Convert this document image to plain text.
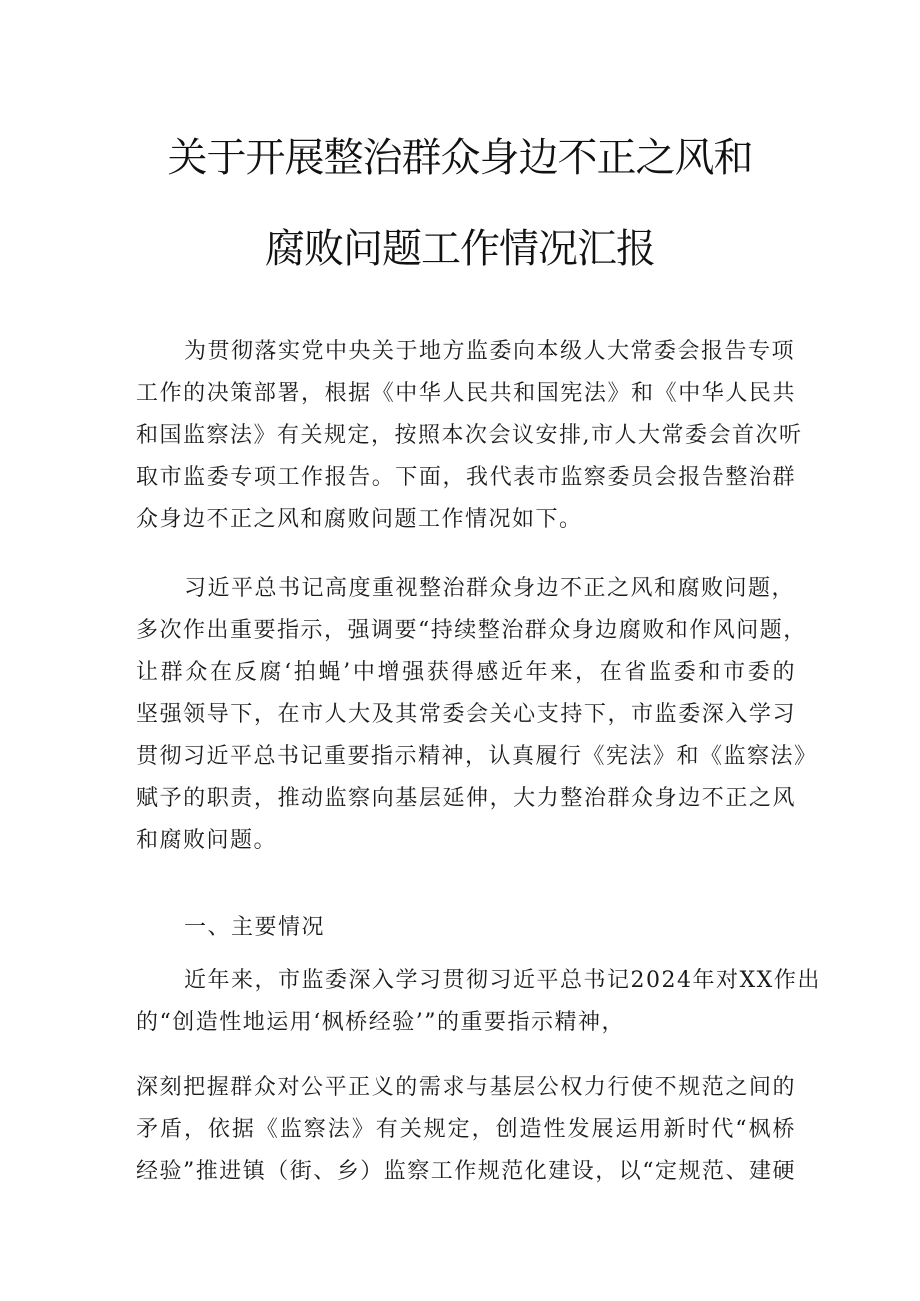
关于开展整治群众身边不正之风和
腐败问题工作情况汇报
为贯彻落实党中央关于地方监委向本级人大常委会报告专项
工作的决策部署，根据《中华人民共和国宪法》和《中华人民共
和国监察法》有关规定，按照本次会议安排,市人大常委会首次听
取市监委专项工作报告。下面，我代表市监察委员会报告整治群
众身边不正之风和腐败问题工作情况如下。
习近平总书记高度重视整治群众身边不正之风和腐败问题，
多次作出重要指示，强调要“持续整治群众身边腐败和作风问题，
让群众在反腐‘拍蝇’中增强获得感近年来，在省监委和市委的
坚强领导下，在市人大及其常委会关心支持下，市监委深入学习
贯彻习近平总书记重要指示精神，认真履行《宪法》和《监察法》
赋予的职责，推动监察向基层延伸，大力整治群众身边不正之风
和腐败问题。
一、主要情况
近年来，市监委深入学习贯彻习近平总书记2024年对XX作出
的“创造性地运用‘枫桥经验’”的重要指示精神，
深刻把握群众对公平正义的需求与基层公权力行使不规范之间的
矛盾，依据《监察法》有关规定，创造性发展运用新时代“枫桥
经验”推进镇（街、乡）监察工作规范化建设，以“定规范、建硬
